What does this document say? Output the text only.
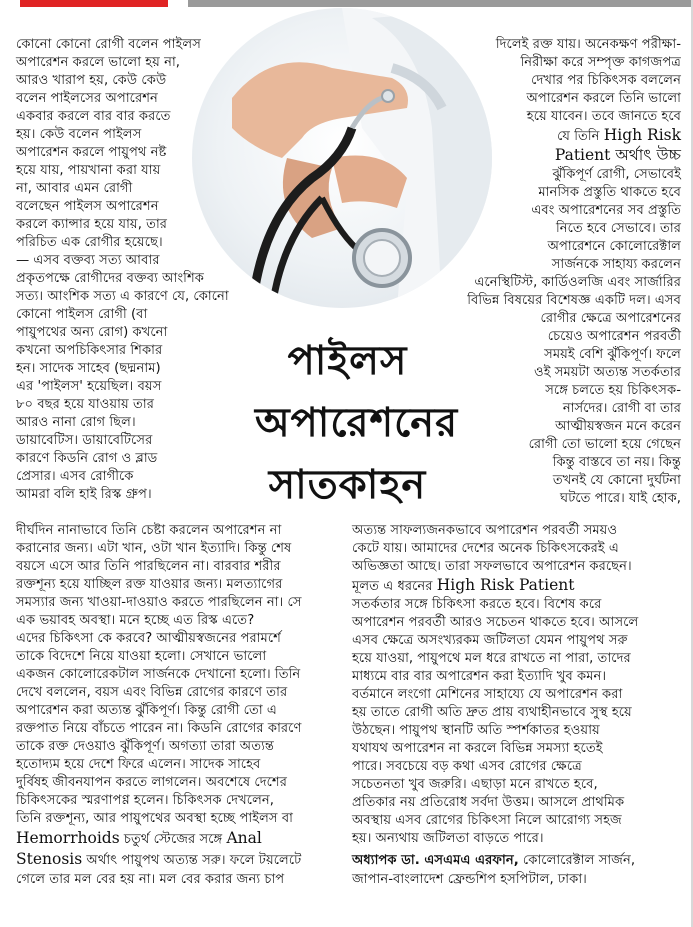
পাইলস
অপারেশনের
সাতকাহন
কোনো কোনো রোগী বলেন পাইলস
অপারেশন করলে ভালো হয় না,
আরও খারাপ হয়, কেউ কেউ
বলেন পাইলসের অপারেশন
একবার করলে বার বার করতে
হয়। কেউ বলেন পাইলস
অপারেশন করলে পায়ুপথ নষ্ট
হয়ে যায়, পায়খানা করা যায়
না, আবার এমন রোগী
বলেছেন পাইলস অপারেশন
করলে ক্যান্সার হয়ে যায়, তার
পরিচিত এক রোগীর হয়েছে।
— এসব বক্তব্য সত্য আবার
প্রকৃতপক্ষে রোগীদের বক্তব্য আংশিক
সত্য। আংশিক সত্য এ কারণে যে, কোনো
কোনো পাইলস রোগী (বা
পায়ুপথের অন্য রোগ) কখনো
কখনো অপচিকিৎসার শিকার
হন। সাদেক সাহেব (ছদ্মনাম)
এর 'পাইলস' হয়েছিল। বয়স
৮০ বছর হয়ে যাওয়ায় তার
আরও নানা রোগ ছিল।
ডায়াবেটিস। ডায়াবেটিসের
কারণে কিডনি রোগ ও ব্লাড
প্রেসার। এসব রোগীকে
আমরা বলি হাই রিস্ক গ্রুপ।
দিলেই রক্ত যায়। অনেকক্ষণ পরীক্ষা-
নিরীক্ষা করে সম্পৃক্ত কাগজপত্র
দেখার পর চিকিৎসক বললেন
অপারেশন করলে তিনি ভালো
হয়ে যাবেন। তবে জানতে হবে
যে তিনি High Risk
Patient অর্থাৎ উচ্চ
ঝুঁকিপূর্ণ রোগী, সেভাবেই
মানসিক প্রস্তুতি থাকতে হবে
এবং অপারেশনের সব প্রস্তুতি
নিতে হবে সেভাবে। তার
অপারেশনে কোলোরেক্টাল
সার্জনকে সাহায্য করলেন
এনেস্থিটিস্ট, কার্ডিওলজি এবং সার্জারির
বিভিন্ন বিষয়ের বিশেষজ্ঞ একটি দল। এসব
রোগীর ক্ষেত্রে অপারেশনের
চেয়েও অপারেশন পরবর্তী
সময়ই বেশি ঝুঁকিপূর্ণ। ফলে
ওই সময়টা অত্যন্ত সতর্কতার
সঙ্গে চলতে হয় চিকিৎসক-
নার্সদের। রোগী বা তার
আত্মীয়স্বজন মনে করেন
রোগী তো ভালো হয়ে গেছেন
কিন্তু বাস্তবে তা নয়। কিন্তু
তখনই যে কোনো দুর্ঘটনা
ঘটতে পারে। যাই হোক,
দীর্ঘদিন নানাভাবে তিনি চেষ্টা করলেন অপারেশন না
করানোর জন্য। এটা খান, ওটা খান ইত্যাদি। কিন্তু শেষ
বয়সে এসে আর তিনি পারছিলেন না। বারবার শরীর
রক্তশূন্য হয়ে যাচ্ছিল রক্ত যাওয়ার জন্য। মলত্যাগের
সমস্যার জন্য খাওয়া-দাওয়াও করতে পারছিলেন না। সে
এক ভয়াবহ অবস্থা। মনে হচ্ছে এত রিস্ক এতে?
এদের চিকিৎসা কে করবে? আত্মীয়স্বজনের পরামর্শে
তাকে বিদেশে নিয়ে যাওয়া হলো। সেখানে ভালো
একজন কোলোরেকটাল সার্জনকে দেখানো হলো। তিনি
দেখে বললেন, বয়স এবং বিভিন্ন রোগের কারণে তার
অপারেশন করা অত্যন্ত ঝুঁকিপূর্ণ। কিন্তু রোগী তো এ
রক্তপাত নিয়ে বাঁচতে পারেন না। কিডনি রোগের কারণে
তাকে রক্ত দেওয়াও ঝুঁকিপূর্ণ। অগত্যা তারা অত্যন্ত
হতোদ্যম হয়ে দেশে ফিরে এলেন। সাদেক সাহেব
দুর্বিষহ জীবনযাপন করতে লাগলেন। অবশেষে দেশের
চিকিৎসকের স্মরণাপণ্ণ হলেন। চিকিৎসক দেখলেন,
তিনি রক্তশূন্য, আর পায়ুপথের অবস্থা হচ্ছে পাইলস বা
Hemorrhoids চতুর্থ স্টেজের সঙ্গে Anal
Stenosis অর্থাৎ পায়ুপথ অত্যন্ত সরু। ফলে টয়লেটে
গেলে তার মল বের হয় না। মল বের করার জন্য চাপ
অত্যন্ত সাফল্যজনকভাবে অপারেশন পরবর্তী সময়ও
কেটে যায়। আমাদের দেশের অনেক চিকিৎসকেরই এ
অভিজ্ঞতা আছে। তারা সফলভাবে অপারেশন করছেন।
মূলত এ ধরনের High Risk Patient
সতর্কতার সঙ্গে চিকিৎসা করতে হবে। বিশেষ করে
অপারেশন পরবর্তী আরও সচেতন থাকতে হবে। আসলে
এসব ক্ষেত্রে অসংখ্যরকম জটিলতা যেমন পায়ুপথ সরু
হয়ে যাওয়া, পায়ুপথে মল ধরে রাখতে না পারা, তাদের
মাধ্যমে বার বার অপারেশন করা ইত্যাদি খুব কমন।
বর্তমানে লংগো মেশিনের সাহায্যে যে অপারেশন করা
হয় তাতে রোগী অতি দ্রুত প্রায় ব্যথাহীনভাবে সুস্থ হয়ে
উঠছেন। পায়ুপথ স্থানটি অতি স্পর্শকাতর হওয়ায়
যথাযথ অপারেশন না করলে বিভিন্ন সমস্যা হতেই
পারে। সবচেয়ে বড় কথা এসব রোগের ক্ষেত্রে
সচেতনতা খুব জরুরি। এছাড়া মনে রাখতে হবে,
প্রতিকার নয় প্রতিরোধ সর্বদা উত্তম। আসলে প্রাথমিক
অবস্থায় এসব রোগের চিকিৎসা নিলে আরোগ্য সহজ
হয়। অন্যথায় জটিলতা বাড়তে পারে।
অধ্যাপক ডা. এসএমএ এরফান, কোলোরেক্টাল সার্জন,
জাপান-বাংলাদেশ ফ্রেন্ডশিপ হসপিটাল, ঢাকা।
